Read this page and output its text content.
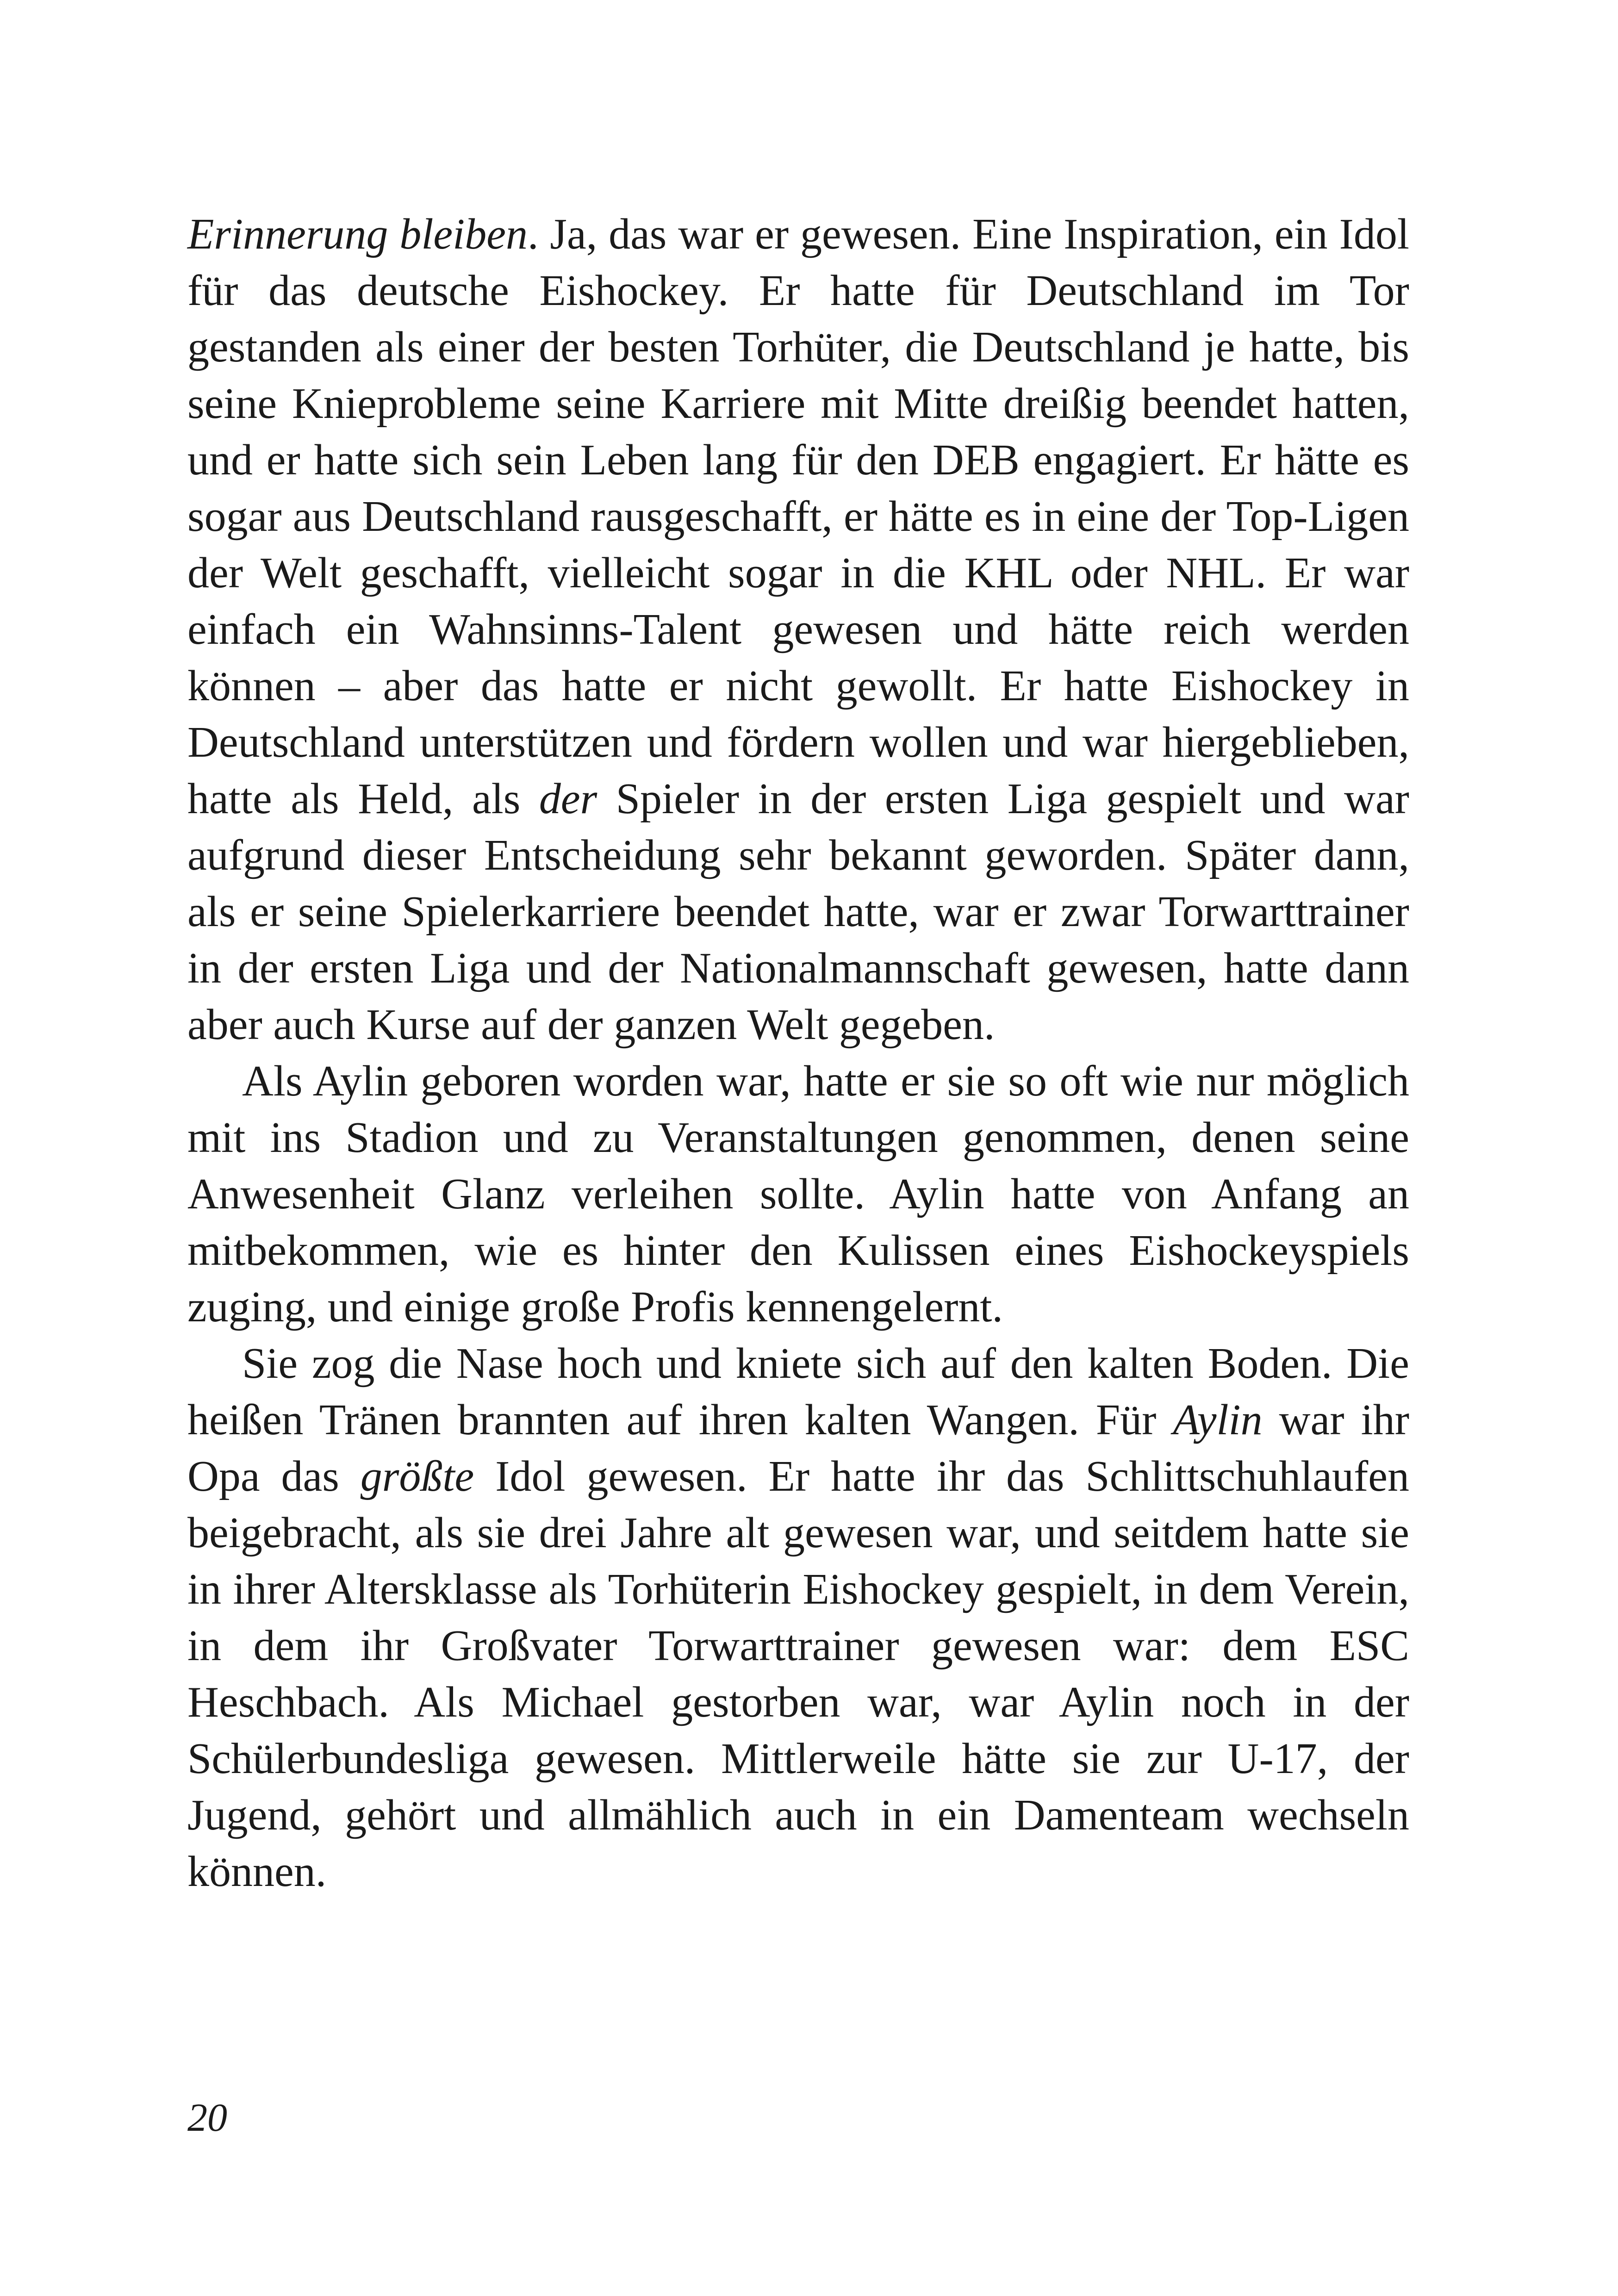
Erinnerung bleiben. Ja, das war er gewesen. Eine Inspiration, ein Idol für das deutsche Eishockey. Er hatte für Deutschland im Tor gestanden als einer der besten Torhüter, die Deutschland je hatte, bis seine Knieprobleme seine Karriere mit Mitte dreißig beendet hatten, und er hatte sich sein Leben lang für den DEB engagiert. Er hätte es sogar aus Deutschland rausgeschafft, er hätte es in eine der Top-Ligen der Welt geschafft, vielleicht sogar in die KHL oder NHL. Er war einfach ein Wahnsinns-Talent gewesen und hätte reich werden können – aber das hatte er nicht gewollt. Er hatte Eishockey in Deutschland unterstützen und fördern wollen und war hiergeblieben, hatte als Held, als der Spieler in der ersten Liga gespielt und war aufgrund dieser Entscheidung sehr bekannt geworden. Später dann, als er seine Spielerkarriere beendet hatte, war er zwar Torwarttrainer in der ersten Liga und der Nationalmannschaft gewesen, hatte dann aber auch Kurse auf der ganzen Welt gegeben.

Als Aylin geboren worden war, hatte er sie so oft wie nur möglich mit ins Stadion und zu Veranstaltungen genommen, denen seine Anwesenheit Glanz verleihen sollte. Aylin hatte von Anfang an mitbekommen, wie es hinter den Kulissen eines Eishockeyspiels zuging, und einige große Profis kennengelernt.

Sie zog die Nase hoch und kniete sich auf den kalten Boden. Die heißen Tränen brannten auf ihren kalten Wangen. Für Aylin war ihr Opa das größte Idol gewesen. Er hatte ihr das Schlittschuhlaufen beigebracht, als sie drei Jahre alt gewesen war, und seitdem hatte sie in ihrer Altersklasse als Torhüterin Eishockey gespielt, in dem Verein, in dem ihr Großvater Torwarttrainer gewesen war: dem ESC Heschbach. Als Michael gestorben war, war Aylin noch in der Schülerbundesliga gewesen. Mittlerweile hätte sie zur U-17, der Jugend, gehört und allmählich auch in ein Damenteam wechseln können.

20
